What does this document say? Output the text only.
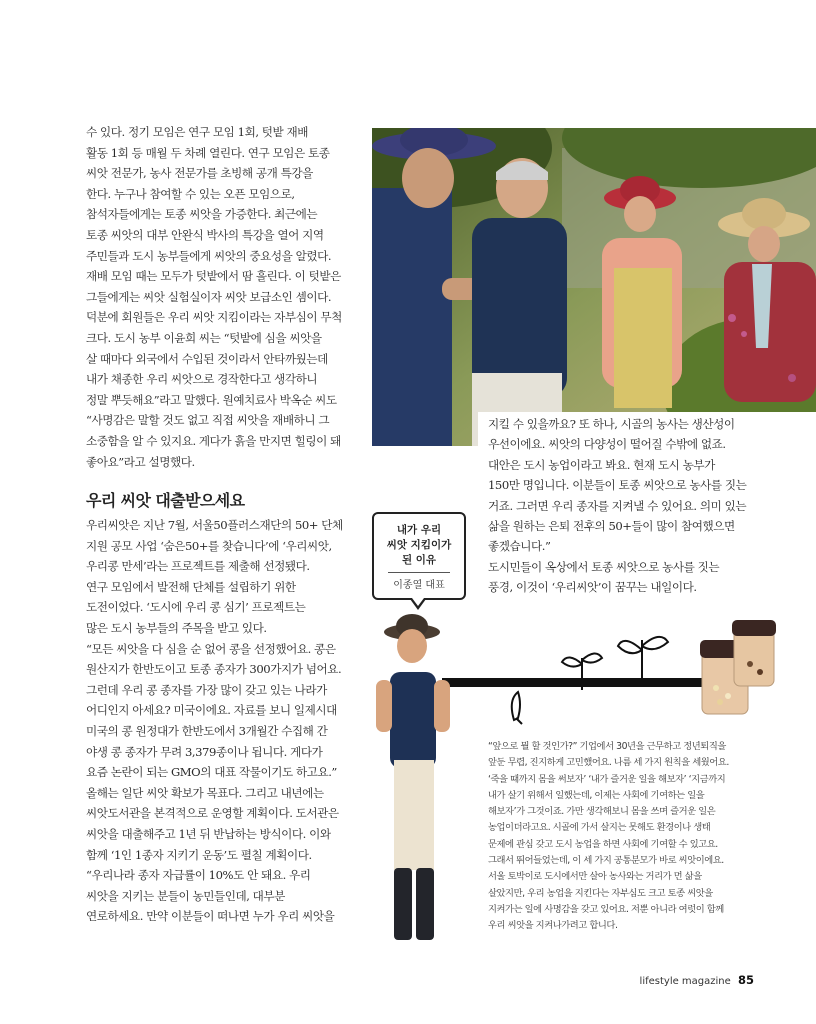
수 있다. 정기 모임은 연구 모임 1회, 텃밭 재배
활동 1회 등 매월 두 차례 열린다. 연구 모임은 토종
씨앗 전문가, 농사 전문가를 초빙해 공개 특강을
한다. 누구나 참여할 수 있는 오픈 모임으로,
참석자들에게는 토종 씨앗을 가증한다. 최근에는
토종 씨앗의 대부 안완식 박사의 특강을 열어 지역
주민들과 도시 농부들에게 씨앗의 중요성을 알렸다.
재배 모임 때는 모두가 텃밭에서 땀 흘린다. 이 텃밭은
그들에게는 씨앗 실험실이자 씨앗 보급소인 셈이다.
덕분에 회원들은 우리 씨앗 지킴이라는 자부심이 무척
크다. 도시 농부 이윤희 씨는 “텃밭에 심을 씨앗을
살 때마다 외국에서 수입된 것이라서 안타까웠는데
내가 채종한 우리 씨앗으로 경작한다고 생각하니
정말 뿌듯해요”라고 말했다. 원예치료사 박옥순 씨도
“사명감은 말할 것도 없고 직접 씨앗을 재배하니 그
소중함을 알 수 있지요. 게다가 흙을 만지면 힐링이 돼
좋아요”라고 설명했다.

우리 씨앗 대출받으세요

우리씨앗은 지난 7월, 서울50플러스재단의 50+ 단체
지원 공모 사업 ‘숨은50+를 찾습니다’에 ‘우리씨앗,
우리콩 만세’라는 프로젝트를 제출해 선정됐다.
연구 모임에서 발전해 단체를 설립하기 위한
도전이었다. ‘도시에 우리 콩 심기’ 프로젝트는
많은 도시 농부들의 주목을 받고 있다.
“모든 씨앗을 다 심을 순 없어 콩을 선정했어요. 콩은
원산지가 한반도이고 토종 종자가 300가지가 넘어요.
그런데 우리 콩 종자를 가장 많이 갖고 있는 나라가
어디인지 아세요? 미국이에요. 자료를 보니 일제시대
미국의 콩 원정대가 한반도에서 3개월간 수집해 간
야생 콩 종자가 무려 3,379종이나 됩니다. 게다가
요즘 논란이 되는 GMO의 대표 작물이기도 하고요.”
올해는 일단 씨앗 확보가 목표다. 그리고 내년에는
씨앗도서관을 본격적으로 운영할 계획이다. 도서관은
씨앗을 대출해주고 1년 뒤 반납하는 방식이다. 이와
함께 ‘1인 1종자 지키기 운동’도 펼칠 계획이다.
“우리나라 종자 자급률이 10%도 안 돼요. 우리
씨앗을 지키는 분들이 농민들인데, 대부분
연로하세요. 만약 이분들이 떠나면 누가 우리 씨앗을

지킬 수 있을까요? 또 하나, 시골의 농사는 생산성이
우선이에요. 씨앗의 다양성이 떨어질 수밖에 없죠.
대안은 도시 농업이라고 봐요. 현재 도시 농부가
150만 명입니다. 이분들이 토종 씨앗으로 농사를 짓는
거죠. 그러면 우리 종자를 지켜낼 수 있어요. 의미 있는
삶을 원하는 은퇴 전후의 50+들이 많이 참여했으면
좋겠습니다.”
도시민들이 옥상에서 토종 씨앗으로 농사를 짓는
풍경, 이것이 ‘우리씨앗’이 꿈꾸는 내일이다.

내가 우리
씨앗 지킴이가
된 이유
이종열 대표

“앞으로 뭘 할 것인가?” 기업에서 30년을 근무하고 정년퇴직을
앞둔 무렵, 진지하게 고민했어요. 나름 세 가지 원칙을 세웠어요.
‘죽을 때까지 몸을 써보자’ ‘내가 즐거운 일을 해보자’ ‘지금까지
내가 살기 위해서 일했는데, 이제는 사회에 기여하는 일을
해보자’가 그것이죠. 가만 생각해보니 몸을 쓰며 즐거운 일은
농업이더라고요. 시골에 가서 살지는 못해도 환경이나 생태
문제에 관심 갖고 도시 농업을 하면 사회에 기여할 수 있고요.
그래서 뛰어들었는데, 이 세 가지 공통분모가 바로 씨앗이에요.
서울 토박이로 도시에서만 살아 농사와는 거리가 먼 삶을
살았지만, 우리 농업을 지킨다는 자부심도 크고 토종 씨앗을
지켜가는 일에 사명감을 갖고 있어요. 저뿐 아니라 여럿이 함께
우리 씨앗을 지켜나가려고 합니다.

lifestyle magazine 85
